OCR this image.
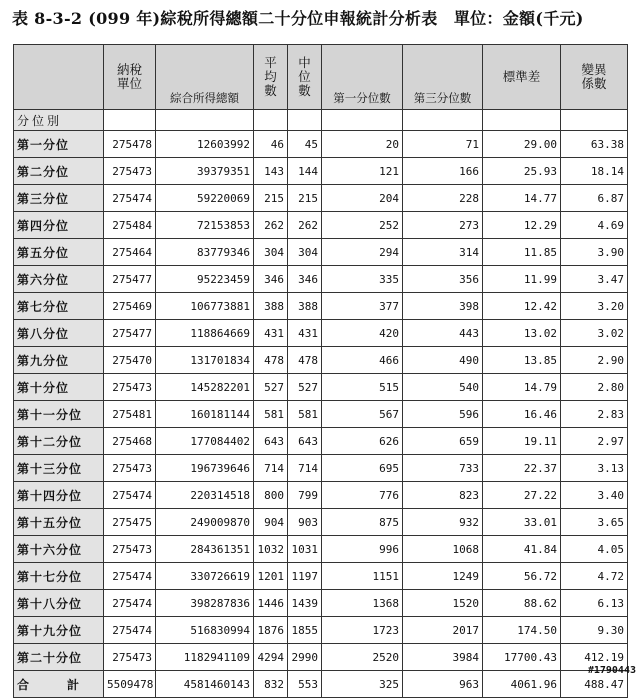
表 8-3-2 (099 年)綜稅所得總額二十分位申報統計分析表　單位：金額(千元)
	納稅單位	綜合所得總額	平均數	中位數	第一分位數	第三分位數	標準差	變異係數
分位別								
第一分位	275478	12603992	46	45	20	71	29.00	63.38
第二分位	275473	39379351	143	144	121	166	25.93	18.14
第三分位	275474	59220069	215	215	204	228	14.77	6.87
第四分位	275484	72153853	262	262	252	273	12.29	4.69
第五分位	275464	83779346	304	304	294	314	11.85	3.90
第六分位	275477	95223459	346	346	335	356	11.99	3.47
第七分位	275469	106773881	388	388	377	398	12.42	3.20
第八分位	275477	118864669	431	431	420	443	13.02	3.02
第九分位	275470	131701834	478	478	466	490	13.85	2.90
第十分位	275473	145282201	527	527	515	540	14.79	2.80
第十一分位	275481	160181144	581	581	567	596	16.46	2.83
第十二分位	275468	177084402	643	643	626	659	19.11	2.97
第十三分位	275473	196739646	714	714	695	733	22.37	3.13
第十四分位	275474	220314518	800	799	776	823	27.22	3.40
第十五分位	275475	249009870	904	903	875	932	33.01	3.65
第十六分位	275473	284361351	1032	1031	996	1068	41.84	4.05
第十七分位	275474	330726619	1201	1197	1151	1249	56.72	4.72
第十八分位	275474	398287836	1446	1439	1368	1520	88.62	6.13
第十九分位	275474	516830994	1876	1855	1723	2017	174.50	9.30
第二十分位	275473	1182941109	4294	2990	2520	3984	17700.43	412.19

合 計	5509478	4581460143	832	553	325	963	4061.96	488.47
#1790443
